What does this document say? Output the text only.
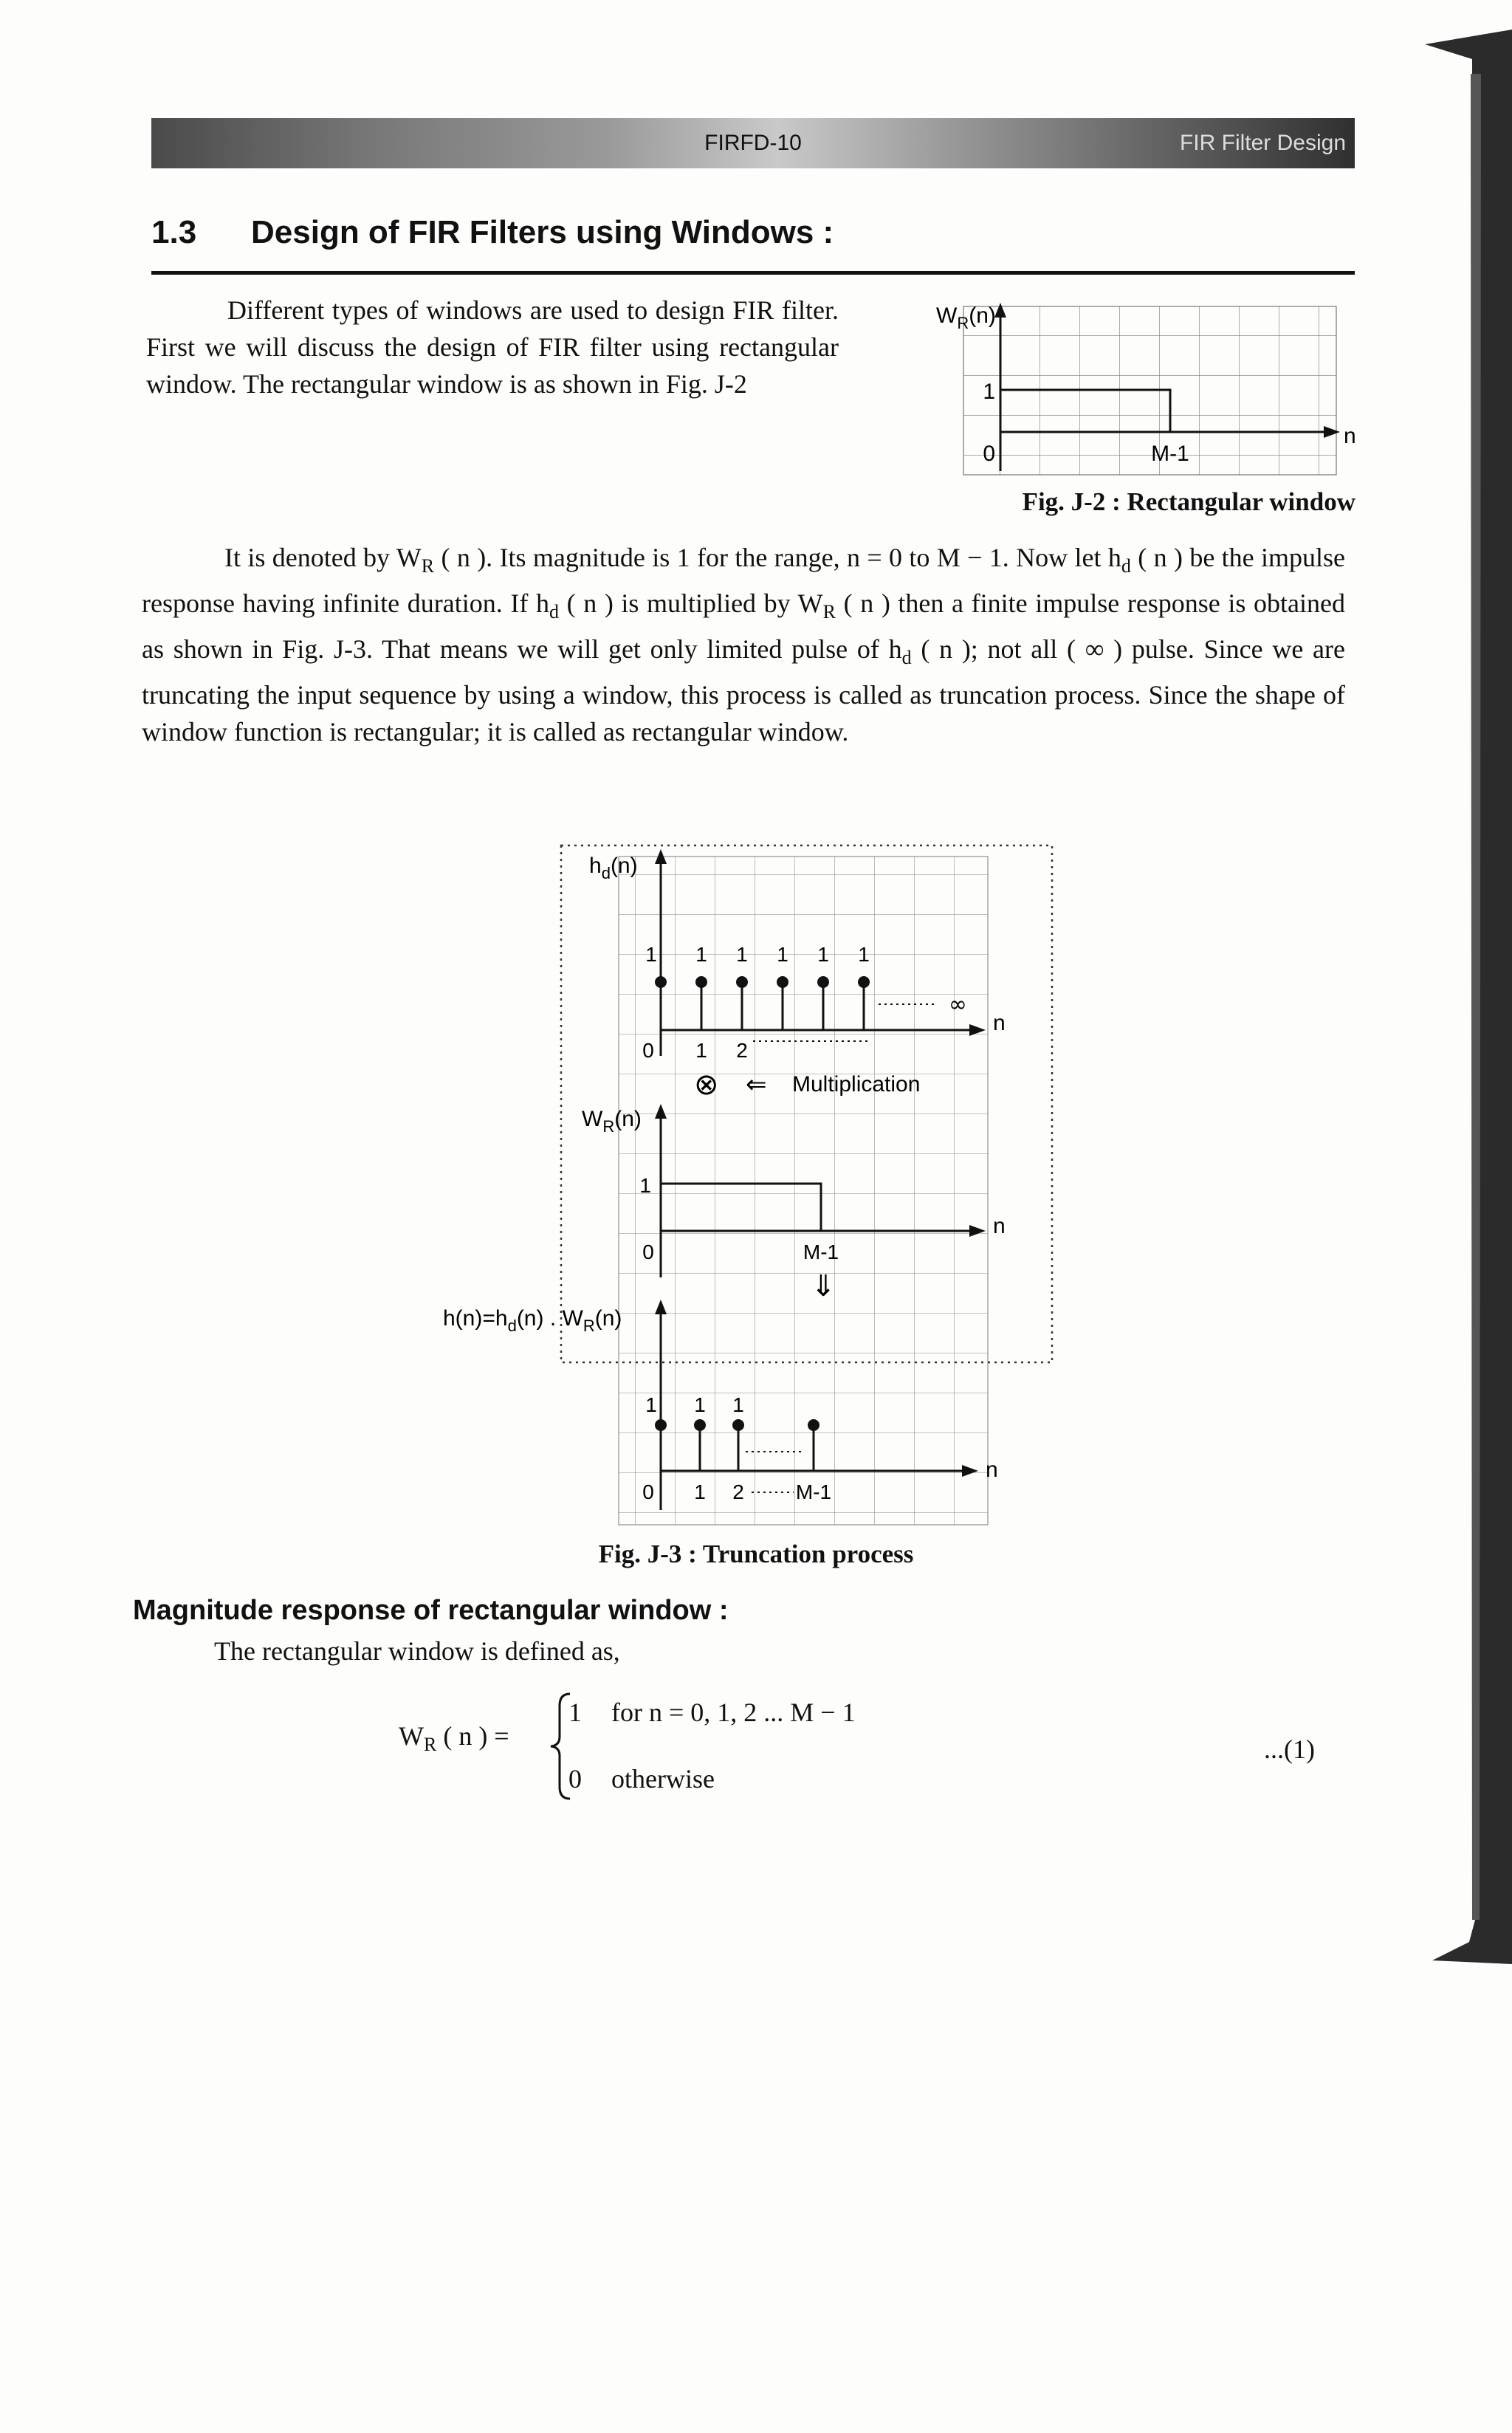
FIRFD-10	FIR Filter Design
1.3 Design of FIR Filters using Windows :
Different types of windows are used to design FIR filter. First we will discuss the design of FIR filter using rectangular window. The rectangular window is as shown in Fig. J-2
$W_R(n)$
1
0	M-1
n
Fig. J-2 : Rectangular window
It is denoted by $W_R$ ( n ). Its magnitude is 1 for the range, n = 0 to M − 1. Now let $h_d$ ( n ) be the impulse response having infinite duration. If $h_d$ ( n ) is multiplied by $W_R$ ( n ) then a finite impulse response is obtained as shown in Fig. J-3. That means we will get only limited pulse of $h_d$ ( n ); not all ( ∞ ) pulse. Since we are truncating the input sequence by using a window, this process is called as truncation process. Since the shape of window function is rectangular; it is called as rectangular window.
$h_d(n)$
1 1 1 1 1 1
0 1 2
∞
n
⊗ ⇐ Multiplication
$W_R(n)$
1
0	M-1
n
⇓
$h(n)=h_d(n)$ . $W_R(n)$
1 1 1
0 1 2	M-1
n
Fig. J-3 : Truncation process
Magnitude response of rectangular window :
The rectangular window is defined as,
$W_R$ ( n ) =
1 for n = 0, 1, 2 ... M − 1
0 otherwise
...(1)
